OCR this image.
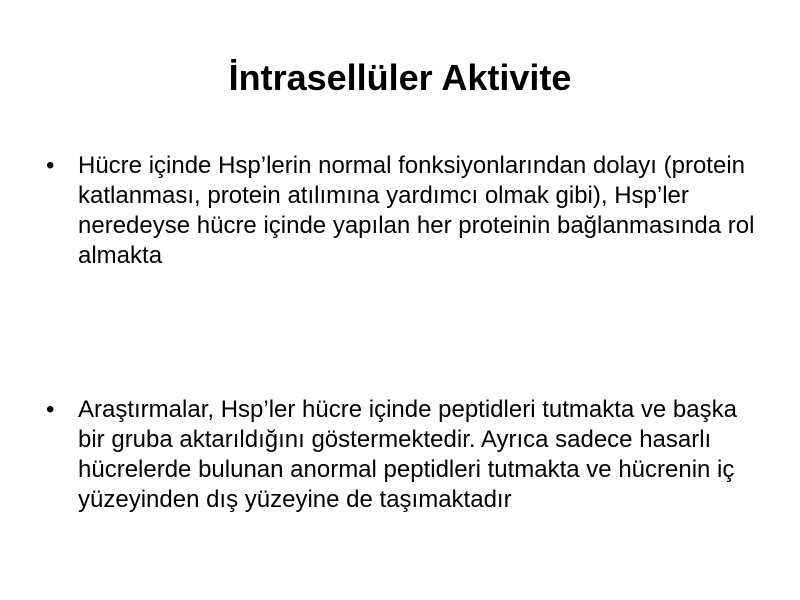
İntrasellüler Aktivite
• Hücre içinde Hsp’lerin normal fonksiyonlarından dolayı (protein katlanması, protein atılımına yardımcı olmak gibi), Hsp’ler neredeyse hücre içinde yapılan her proteinin bağlanmasında rol almakta
• Araştırmalar, Hsp’ler hücre içinde peptidleri tutmakta ve başka bir gruba aktarıldığını göstermektedir. Ayrıca sadece hasarlı hücrelerde bulunan anormal peptidleri tutmakta ve hücrenin iç yüzeyinden dış yüzeyine de taşımaktadır
